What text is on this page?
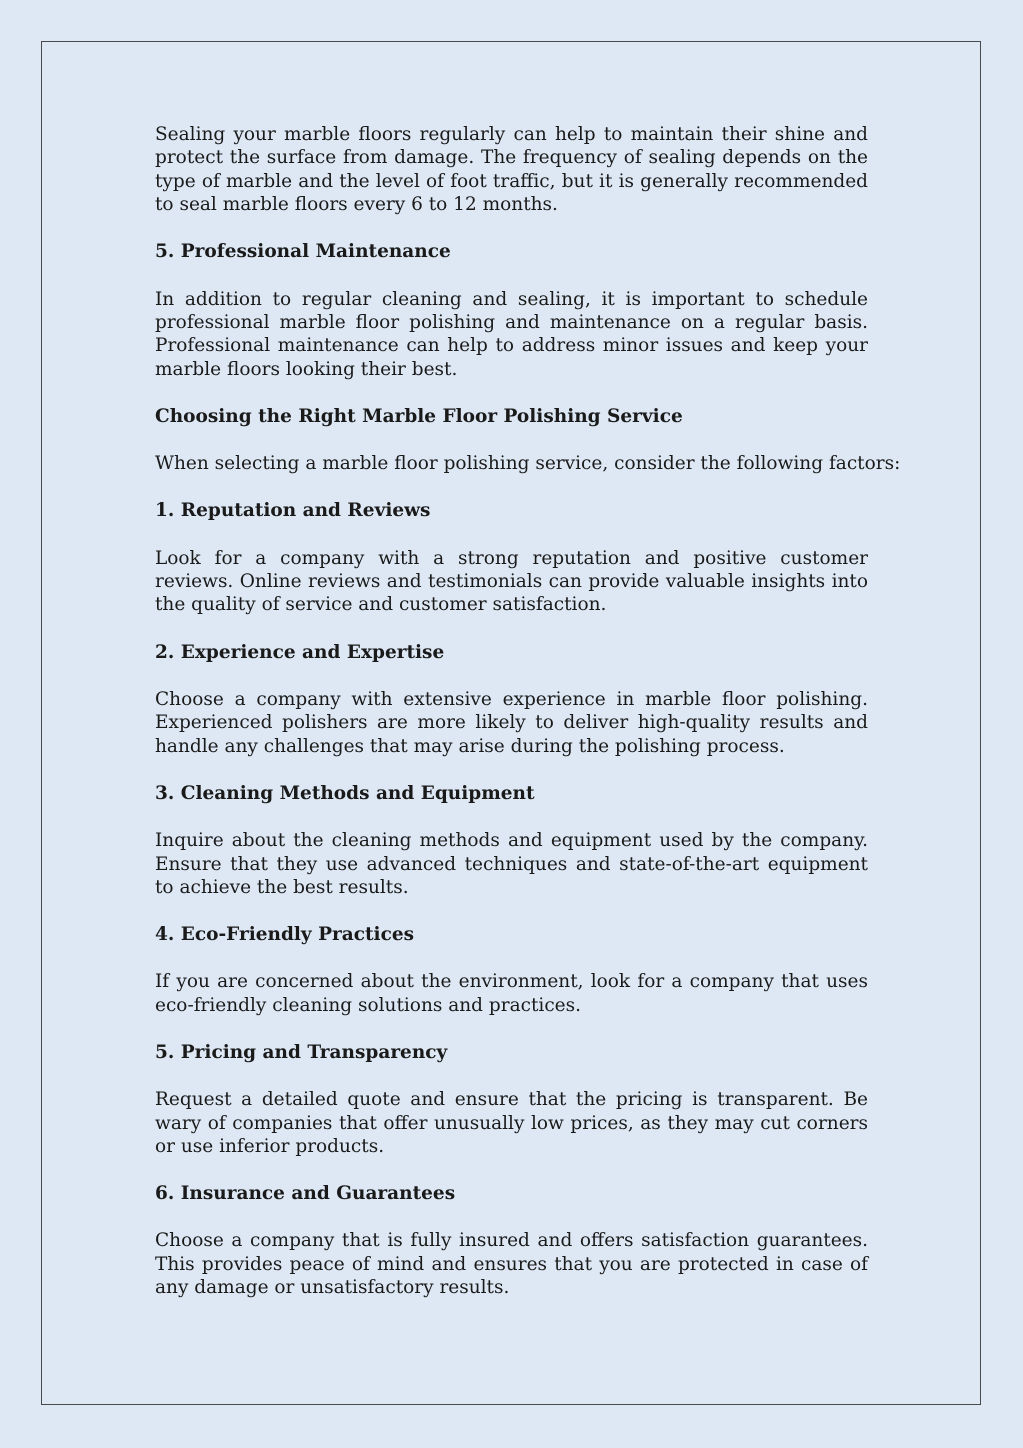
Sealing your marble floors regularly can help to maintain their shine and protect the surface from damage. The frequency of sealing depends on the type of marble and the level of foot traffic, but it is generally recommended to seal marble floors every 6 to 12 months.

5. Professional Maintenance

In addition to regular cleaning and sealing, it is important to schedule professional marble floor polishing and maintenance on a regular basis. Professional maintenance can help to address minor issues and keep your marble floors looking their best.

Choosing the Right Marble Floor Polishing Service

When selecting a marble floor polishing service, consider the following factors:

1. Reputation and Reviews

Look for a company with a strong reputation and positive customer reviews. Online reviews and testimonials can provide valuable insights into the quality of service and customer satisfaction.

2. Experience and Expertise

Choose a company with extensive experience in marble floor polishing. Experienced polishers are more likely to deliver high-quality results and handle any challenges that may arise during the polishing process.

3. Cleaning Methods and Equipment

Inquire about the cleaning methods and equipment used by the company. Ensure that they use advanced techniques and state-of-the-art equipment to achieve the best results.

4. Eco-Friendly Practices

If you are concerned about the environment, look for a company that uses eco-friendly cleaning solutions and practices.

5. Pricing and Transparency

Request a detailed quote and ensure that the pricing is transparent. Be wary of companies that offer unusually low prices, as they may cut corners or use inferior products.

6. Insurance and Guarantees

Choose a company that is fully insured and offers satisfaction guarantees. This provides peace of mind and ensures that you are protected in case of any damage or unsatisfactory results.
